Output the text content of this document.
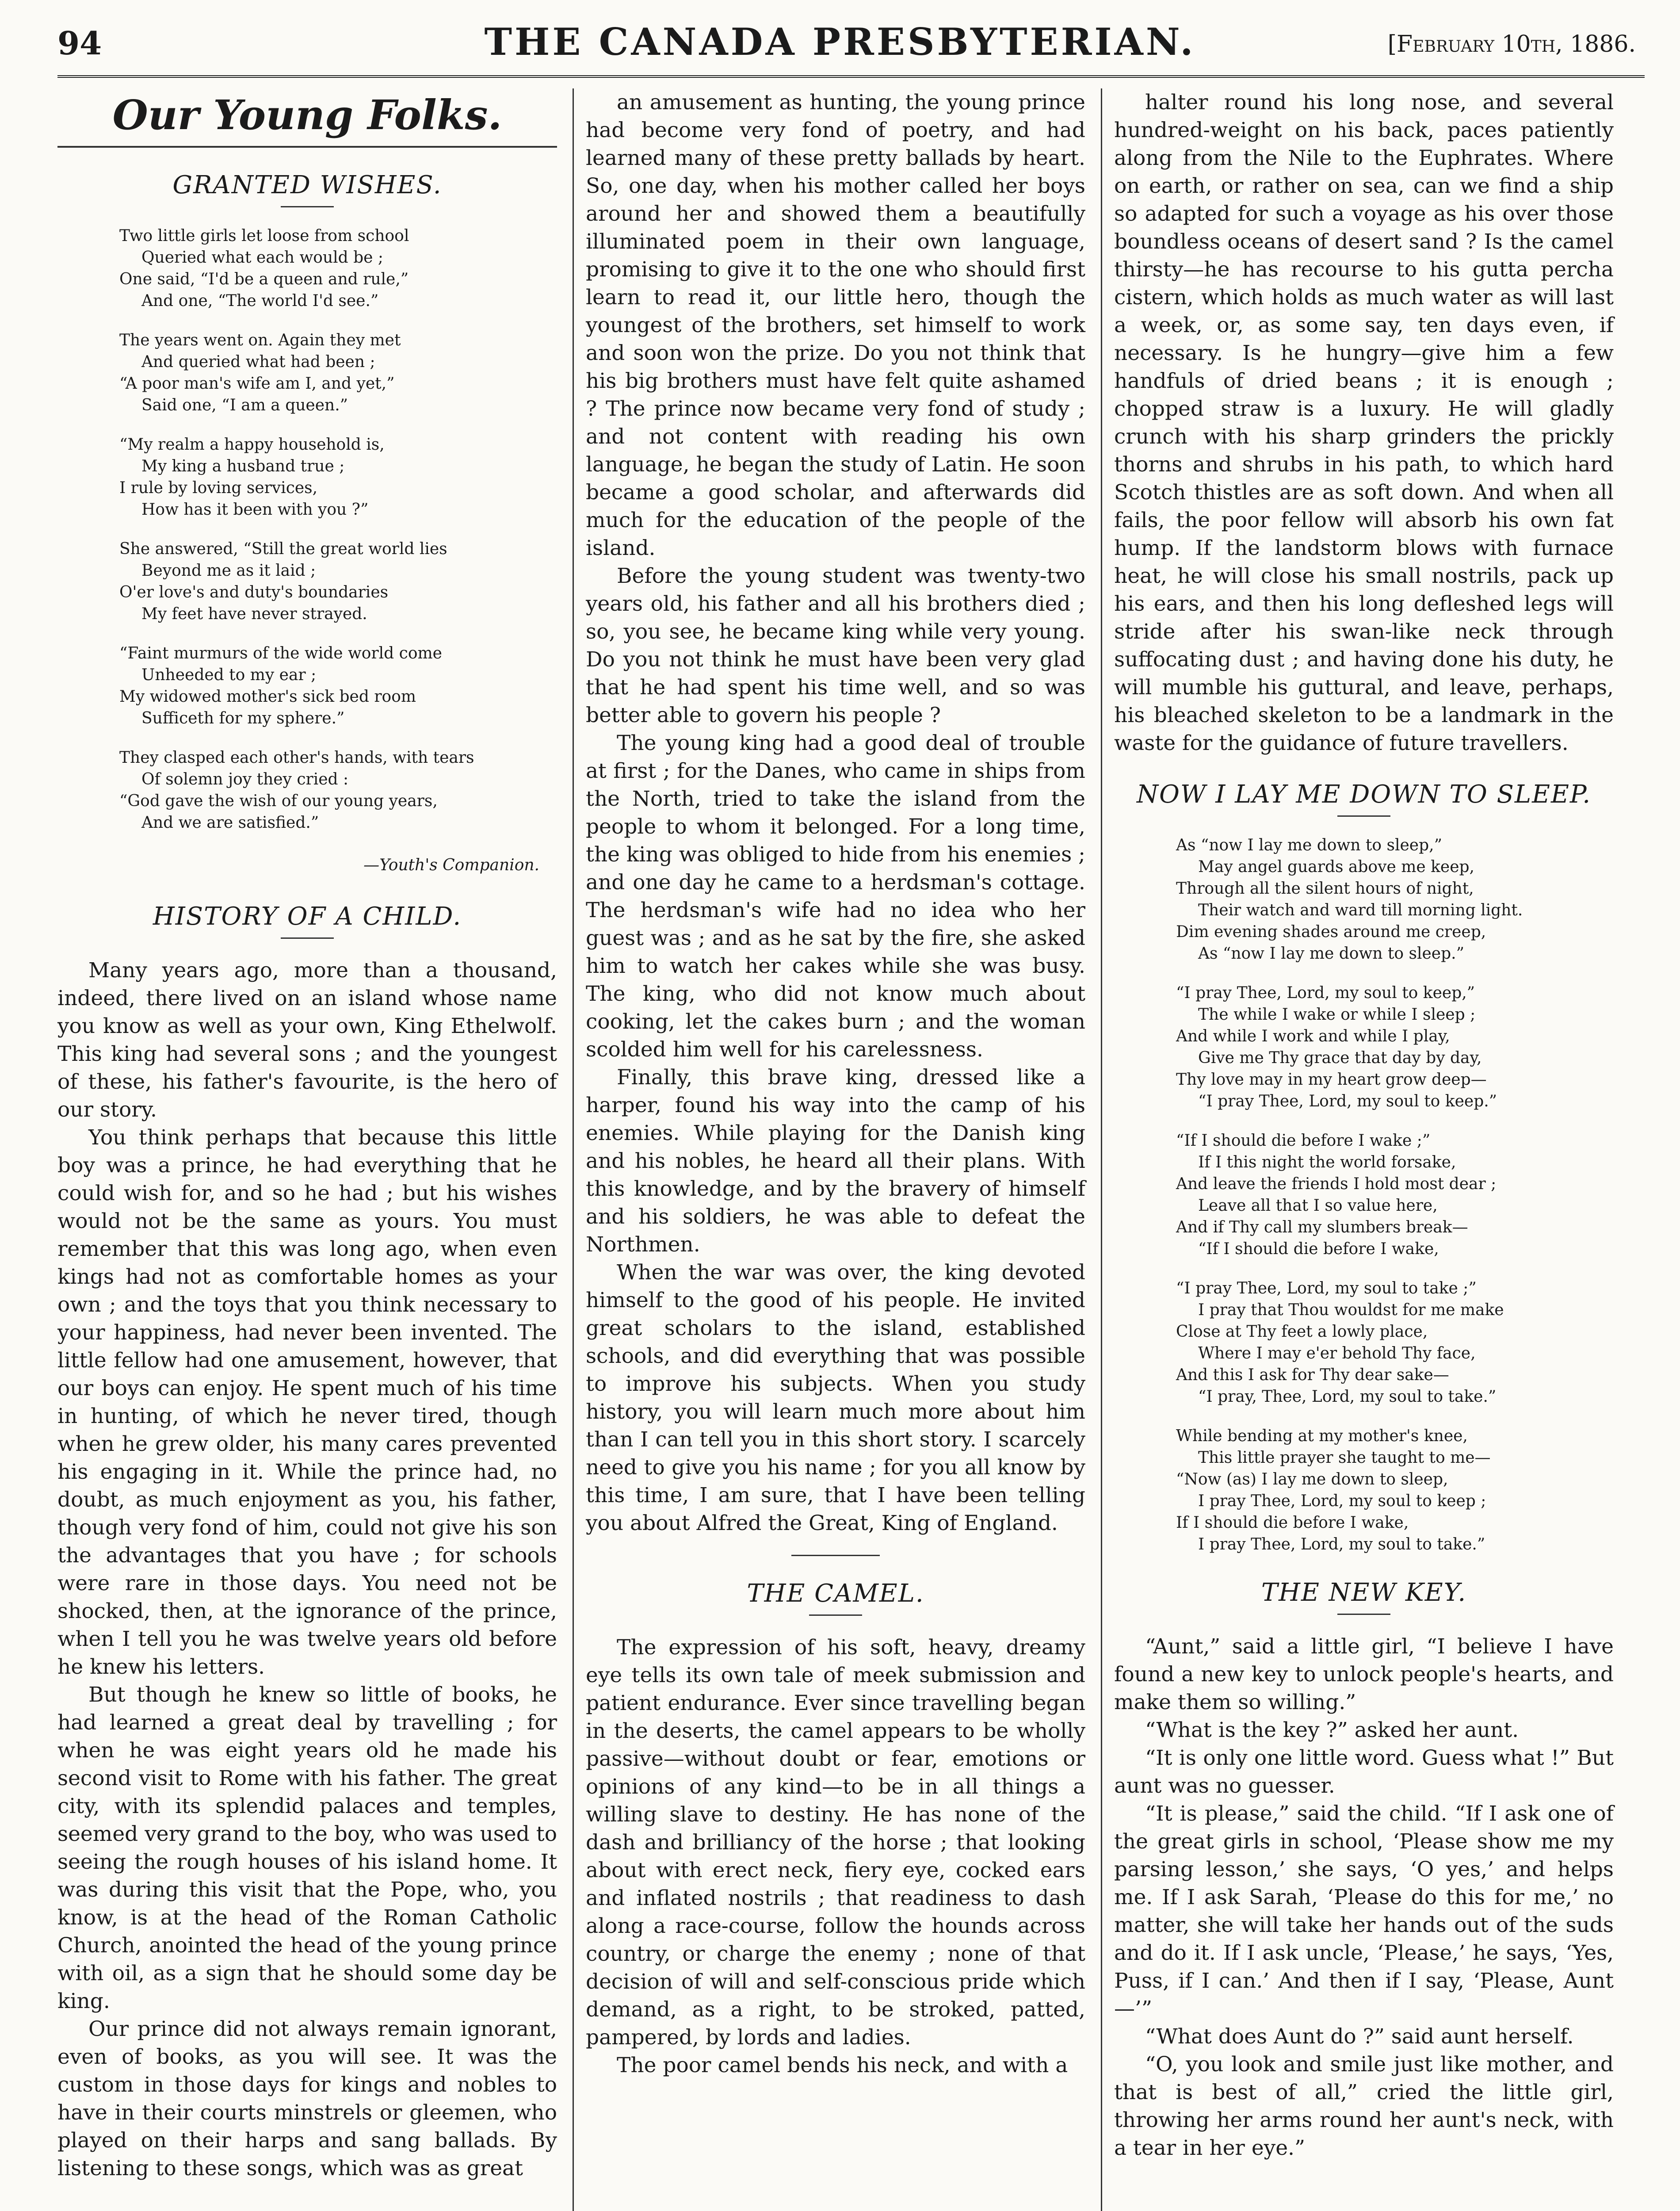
94	THE CANADA PRESBYTERIAN.	[February 10th, 1886.
Our Young Folks.
GRANTED WISHES.
Two little girls let loose from school
Queried what each would be ;
One said, “I'd be a queen and rule,”
And one, “The world I'd see.”
The years went on. Again they met
And queried what had been ;
“A poor man's wife am I, and yet,”
Said one, “I am a queen.”
“My realm a happy household is,
My king a husband true ;
I rule by loving services,
How has it been with you ?”
She answered, “Still the great world lies
Beyond me as it laid ;
O'er love's and duty's boundaries
My feet have never strayed.
“Faint murmurs of the wide world come
Unheeded to my ear ;
My widowed mother's sick bed room
Sufficeth for my sphere.”
They clasped each other's hands, with tears
Of solemn joy they cried :
“God gave the wish of our young years,
And we are satisfied.”
—Youth's Companion.
HISTORY OF A CHILD.

Many years ago, more than a thousand, indeed, there lived on an island whose name you know as well as your own, King Ethelwolf. This king had several sons ; and the youngest of these, his father's favourite, is the hero of our story.

You think perhaps that because this little boy was a prince, he had everything that he could wish for, and so he had ; but his wishes would not be the same as yours. You must remember that this was long ago, when even kings had not as comfortable homes as your own ; and the toys that you think necessary to your happiness, had never been invented. The little fellow had one amusement, however, that our boys can enjoy. He spent much of his time in hunting, of which he never tired, though when he grew older, his many cares prevented his engaging in it. While the prince had, no doubt, as much enjoyment as you, his father, though very fond of him, could not give his son the advantages that you have ; for schools were rare in those days. You need not be shocked, then, at the ignorance of the prince, when I tell you he was twelve years old before he knew his letters.

But though he knew so little of books, he had learned a great deal by travelling ; for when he was eight years old he made his second visit to Rome with his father. The great city, with its splendid palaces and temples, seemed very grand to the boy, who was used to seeing the rough houses of his island home. It was during this visit that the Pope, who, you know, is at the head of the Roman Catholic Church, anointed the head of the young prince with oil, as a sign that he should some day be king.

Our prince did not always remain ignorant, even of books, as you will see. It was the custom in those days for kings and nobles to have in their courts minstrels or gleemen, who played on their harps and sang ballads. By listening to these songs, which was as great

an amusement as hunting, the young prince had become very fond of poetry, and had learned many of these pretty ballads by heart. So, one day, when his mother called her boys around her and showed them a beautifully illuminated poem in their own language, promising to give it to the one who should first learn to read it, our little hero, though the youngest of the brothers, set himself to work and soon won the prize. Do you not think that his big brothers must have felt quite ashamed ? The prince now became very fond of study ; and not content with reading his own language, he began the study of Latin. He soon became a good scholar, and afterwards did much for the education of the people of the island.

Before the young student was twenty-two years old, his father and all his brothers died ; so, you see, he became king while very young. Do you not think he must have been very glad that he had spent his time well, and so was better able to govern his people ?

The young king had a good deal of trouble at first ; for the Danes, who came in ships from the North, tried to take the island from the people to whom it belonged. For a long time, the king was obliged to hide from his enemies ; and one day he came to a herdsman's cottage. The herdsman's wife had no idea who her guest was ; and as he sat by the fire, she asked him to watch her cakes while she was busy. The king, who did not know much about cooking, let the cakes burn ; and the woman scolded him well for his carelessness.

Finally, this brave king, dressed like a harper, found his way into the camp of his enemies. While playing for the Danish king and his nobles, he heard all their plans. With this knowledge, and by the bravery of himself and his soldiers, he was able to defeat the Northmen.

When the war was over, the king devoted himself to the good of his people. He invited great scholars to the island, established schools, and did everything that was possible to improve his subjects. When you study history, you will learn much more about him than I can tell you in this short story. I scarcely need to give you his name ; for you all know by this time, I am sure, that I have been telling you about Alfred the Great, King of England.

THE CAMEL.

The expression of his soft, heavy, dreamy eye tells its own tale of meek submission and patient endurance. Ever since travelling began in the deserts, the camel appears to be wholly passive—without doubt or fear, emotions or opinions of any kind—to be in all things a willing slave to destiny. He has none of the dash and brilliancy of the horse ; that looking about with erect neck, fiery eye, cocked ears and inflated nostrils ; that readiness to dash along a race-course, follow the hounds across country, or charge the enemy ; none of that decision of will and self-conscious pride which demand, as a right, to be stroked, patted, pampered, by lords and ladies.

The poor camel bends his neck, and with a

halter round his long nose, and several hundred-weight on his back, paces patiently along from the Nile to the Euphrates. Where on earth, or rather on sea, can we find a ship so adapted for such a voyage as his over those boundless oceans of desert sand ? Is the camel thirsty—he has recourse to his gutta percha cistern, which holds as much water as will last a week, or, as some say, ten days even, if necessary. Is he hungry—give him a few handfuls of dried beans ; it is enough ; chopped straw is a luxury. He will gladly crunch with his sharp grinders the prickly thorns and shrubs in his path, to which hard Scotch thistles are as soft down. And when all fails, the poor fellow will absorb his own fat hump. If the landstorm blows with furnace heat, he will close his small nostrils, pack up his ears, and then his long defleshed legs will stride after his swan-like neck through suffocating dust ; and having done his duty, he will mumble his guttural, and leave, perhaps, his bleached skeleton to be a landmark in the waste for the guidance of future travellers.

NOW I LAY ME DOWN TO SLEEP.
As “now I lay me down to sleep,”
May angel guards above me keep,
Through all the silent hours of night,
Their watch and ward till morning light.
Dim evening shades around me creep,
As “now I lay me down to sleep.”
“I pray Thee, Lord, my soul to keep,”
The while I wake or while I sleep ;
And while I work and while I play,
Give me Thy grace that day by day,
Thy love may in my heart grow deep—
“I pray Thee, Lord, my soul to keep.”
“If I should die before I wake ;”
If I this night the world forsake,
And leave the friends I hold most dear ;
Leave all that I so value here,
And if Thy call my slumbers break—
“If I should die before I wake,
“I pray Thee, Lord, my soul to take ;”
I pray that Thou wouldst for me make
Close at Thy feet a lowly place,
Where I may e'er behold Thy face,
And this I ask for Thy dear sake—
“I pray, Thee, Lord, my soul to take.”
While bending at my mother's knee,
This little prayer she taught to me—
“Now (as) I lay me down to sleep,
I pray Thee, Lord, my soul to keep ;
If I should die before I wake,
I pray Thee, Lord, my soul to take.”
THE NEW KEY.

“Aunt,” said a little girl, “I believe I have found a new key to unlock people's hearts, and make them so willing.”

“What is the key ?” asked her aunt.

“It is only one little word. Guess what !” But aunt was no guesser.

“It is please,” said the child. “If I ask one of the great girls in school, ‘Please show me my parsing lesson,’ she says, ‘O yes,’ and helps me. If I ask Sarah, ‘Please do this for me,’ no matter, she will take her hands out of the suds and do it. If I ask uncle, ‘Please,’ he says, ‘Yes, Puss, if I can.’ And then if I say, ‘Please, Aunt—’”

“What does Aunt do ?” said aunt herself.

“O, you look and smile just like mother, and that is best of all,” cried the little girl, throwing her arms round her aunt's neck, with a tear in her eye.”
